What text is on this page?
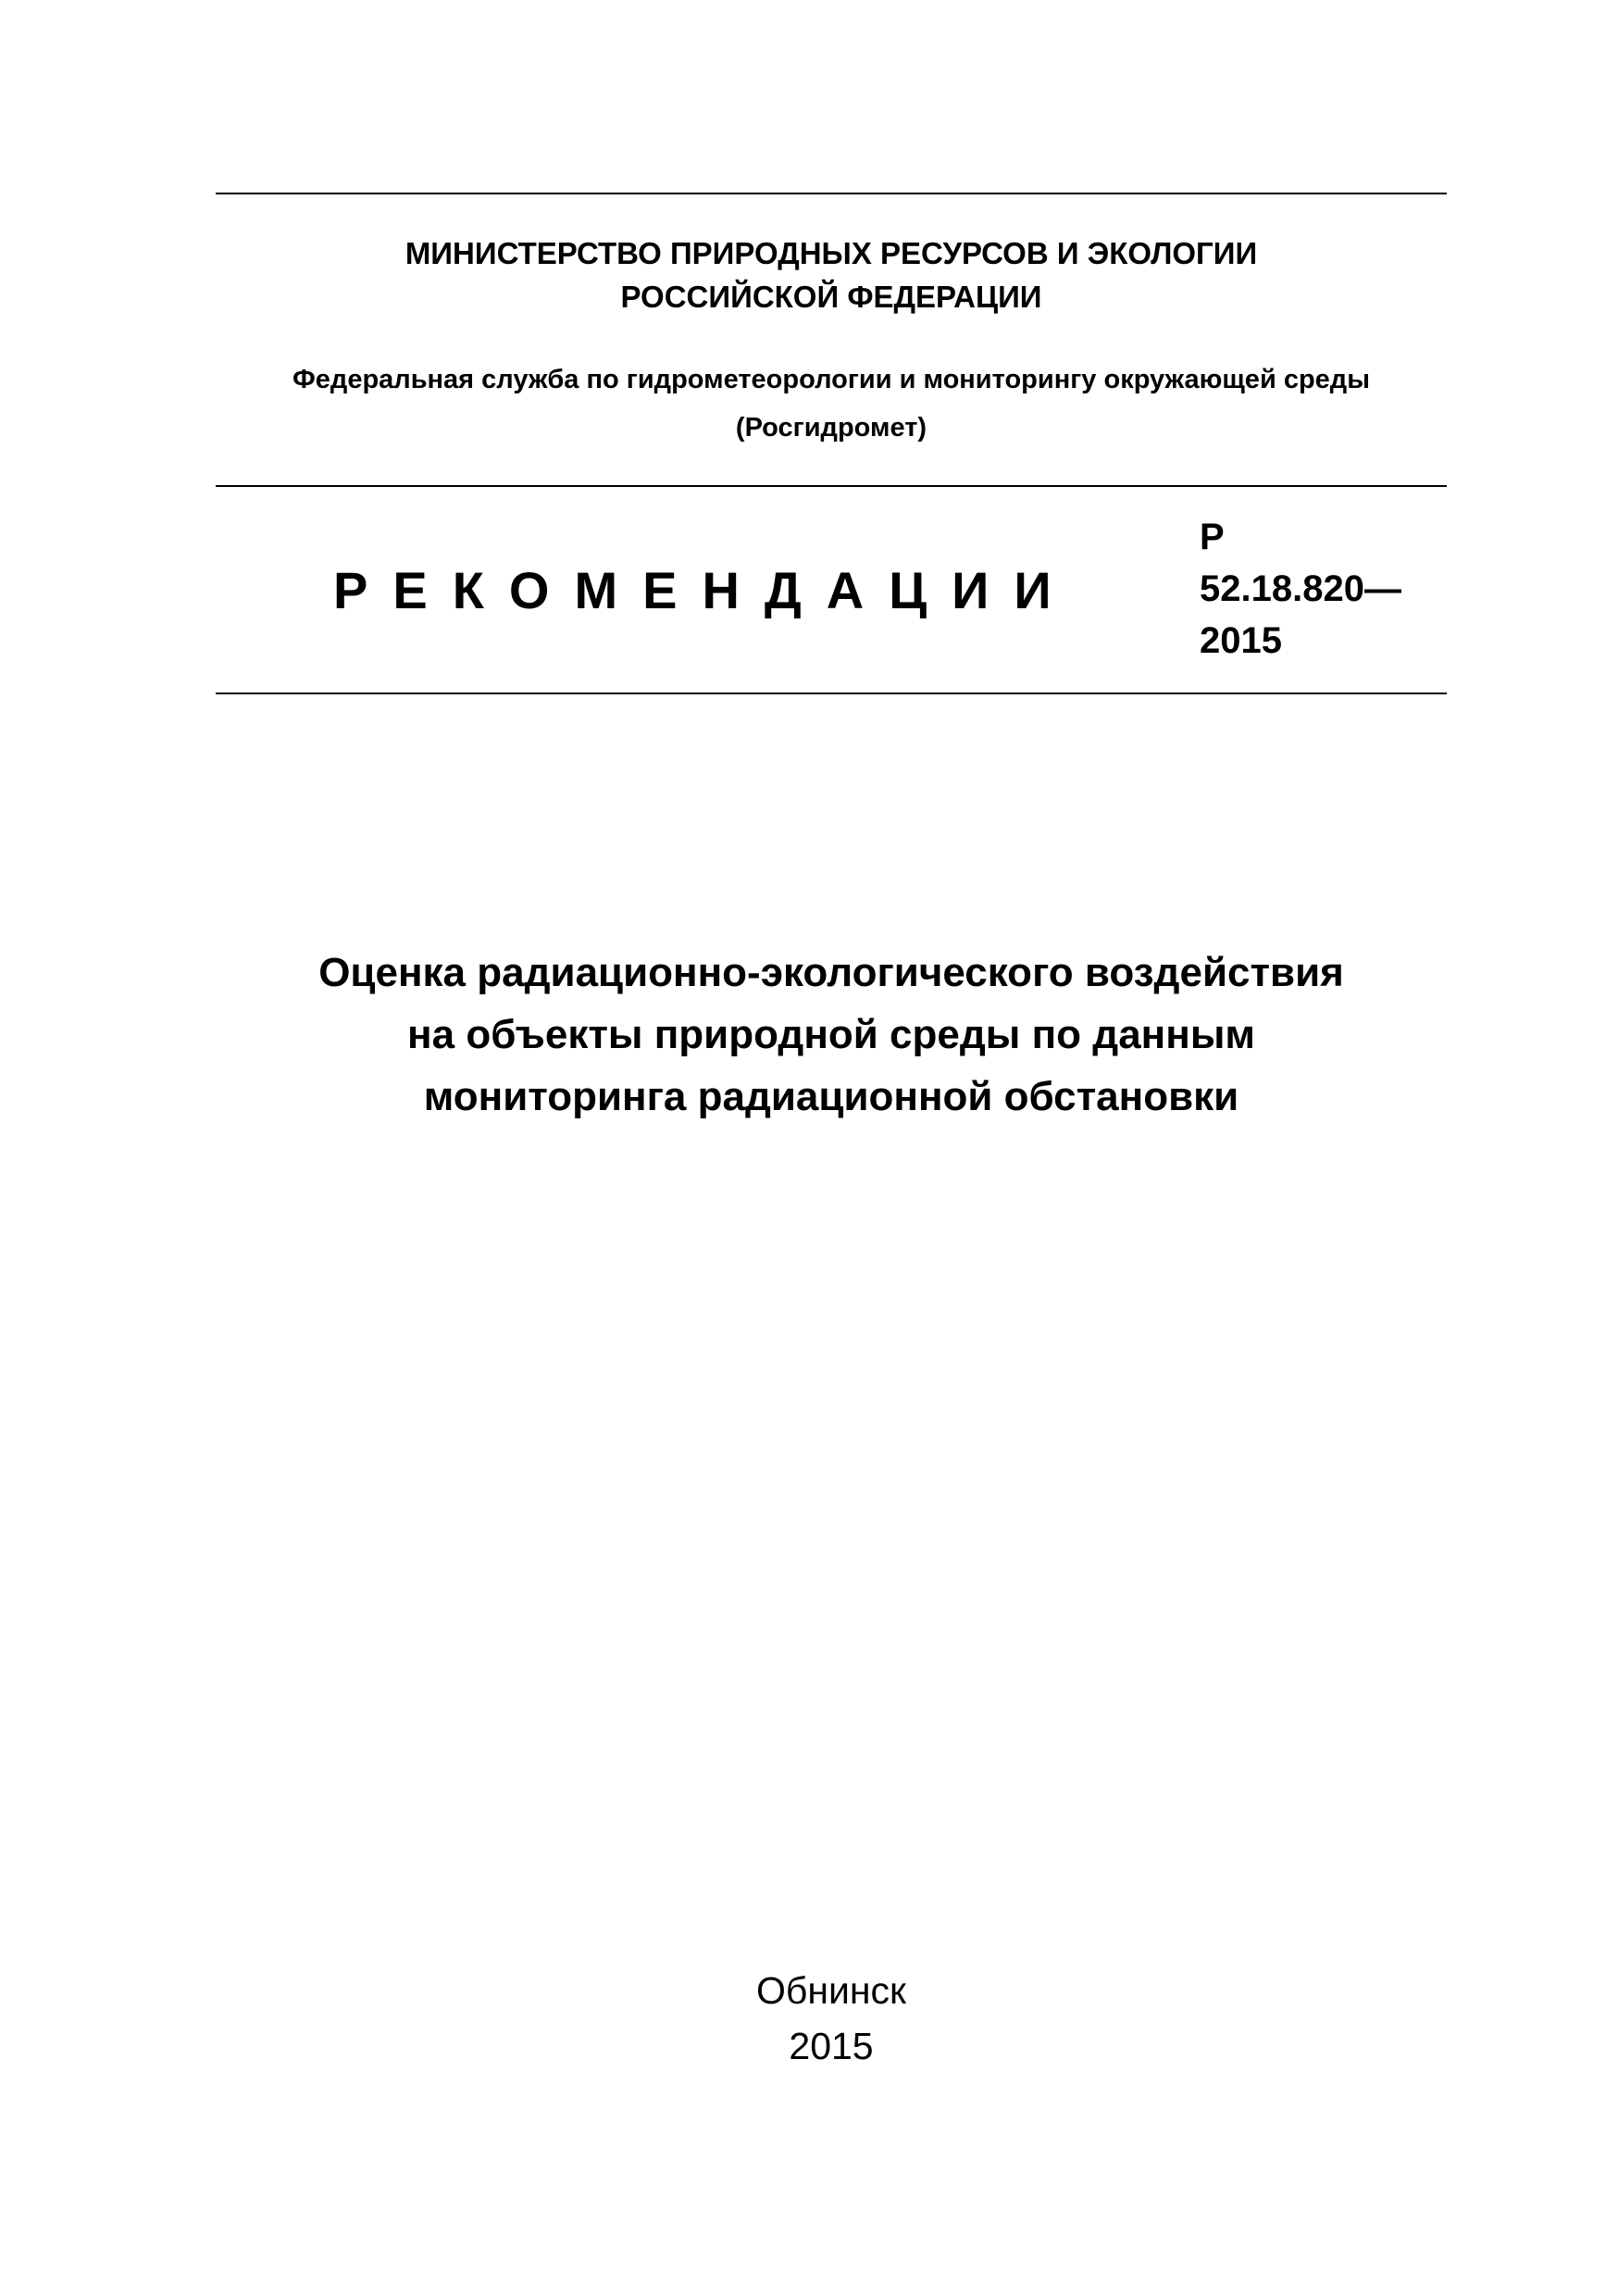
МИНИСТЕРСТВО ПРИРОДНЫХ РЕСУРСОВ И ЭКОЛОГИИ
РОССИЙСКОЙ ФЕДЕРАЦИИ
Федеральная служба по гидрометеорологии и мониторингу окружающей среды
(Росгидромет)
РЕКОМЕНДАЦИИ
Р
52.18.820—
2015
Оценка радиационно-экологического воздействия
на объекты природной среды по данным
мониторинга радиационной обстановки
Обнинск
2015
